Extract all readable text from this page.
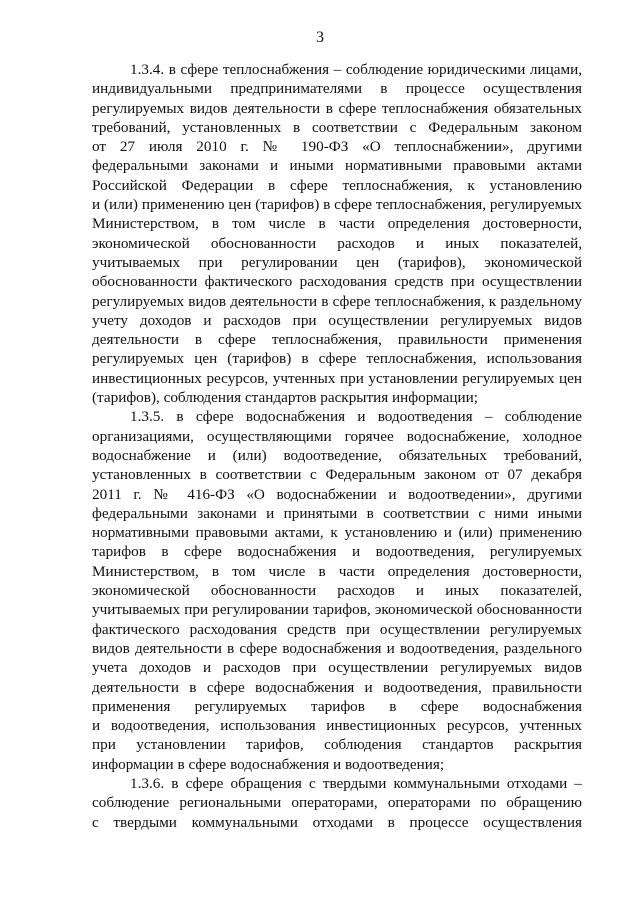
3
1.3.4. в сфере теплоснабжения – соблюдение юридическими лицами,
индивидуальными предпринимателями в процессе осуществления
регулируемых видов деятельности в сфере теплоснабжения обязательных
требований, установленных в соответствии с Федеральным законом
от 27 июля 2010 г. № 190-ФЗ «О теплоснабжении», другими
федеральными законами и иными нормативными правовыми актами
Российской Федерации в сфере теплоснабжения, к установлению
и (или) применению цен (тарифов) в сфере теплоснабжения, регулируемых
Министерством, в том числе в части определения достоверности,
экономической обоснованности расходов и иных показателей,
учитываемых при регулировании цен (тарифов), экономической
обоснованности фактического расходования средств при осуществлении
регулируемых видов деятельности в сфере теплоснабжения, к раздельному
учету доходов и расходов при осуществлении регулируемых видов
деятельности в сфере теплоснабжения, правильности применения
регулируемых цен (тарифов) в сфере теплоснабжения, использования
инвестиционных ресурсов, учтенных при установлении регулируемых цен
(тарифов), соблюдения стандартов раскрытия информации;
1.3.5. в сфере водоснабжения и водоотведения – соблюдение
организациями, осуществляющими горячее водоснабжение, холодное
водоснабжение и (или) водоотведение, обязательных требований,
установленных в соответствии с Федеральным законом от 07 декабря
2011 г. № 416-ФЗ «О водоснабжении и водоотведении», другими
федеральными законами и принятыми в соответствии с ними иными
нормативными правовыми актами, к установлению и (или) применению
тарифов в сфере водоснабжения и водоотведения, регулируемых
Министерством, в том числе в части определения достоверности,
экономической обоснованности расходов и иных показателей,
учитываемых при регулировании тарифов, экономической обоснованности
фактического расходования средств при осуществлении регулируемых
видов деятельности в сфере водоснабжения и водоотведения, раздельного
учета доходов и расходов при осуществлении регулируемых видов
деятельности в сфере водоснабжения и водоотведения, правильности
применения регулируемых тарифов в сфере водоснабжения
и водоотведения, использования инвестиционных ресурсов, учтенных
при установлении тарифов, соблюдения стандартов раскрытия
информации в сфере водоснабжения и водоотведения;
1.3.6. в сфере обращения с твердыми коммунальными отходами –
соблюдение региональными операторами, операторами по обращению
с твердыми коммунальными отходами в процессе осуществления
